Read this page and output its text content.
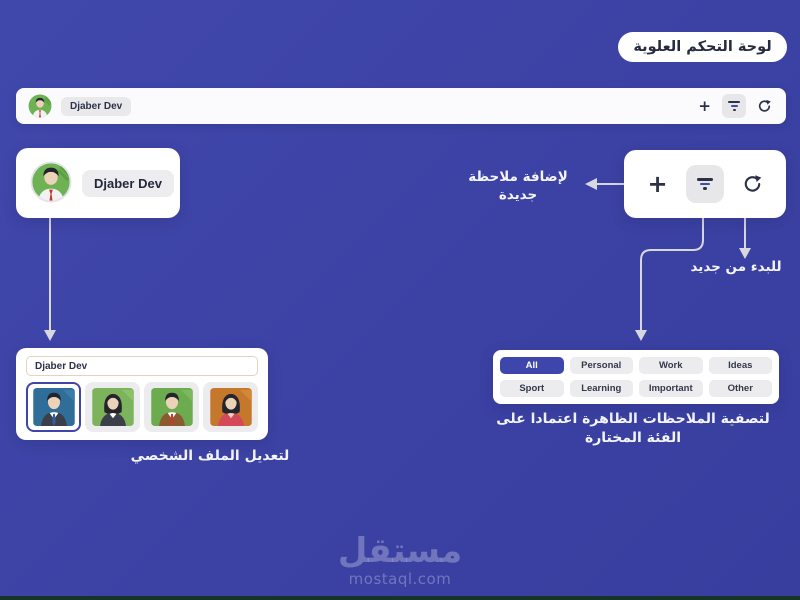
لوحة التحكم العلوية
Djaber Dev	+
Djaber Dev	+
لإضافة ملاحظة
جديدة
للبدء من جديد
لتصفية الملاحظات الظاهرة اعتمادا على الفئة المختارة
لتعديل الملف الشخصي
All	Personal	Work	Ideas
Sport	Learning	Important	Other
Djaber Dev
مستقل
mostaql.com
